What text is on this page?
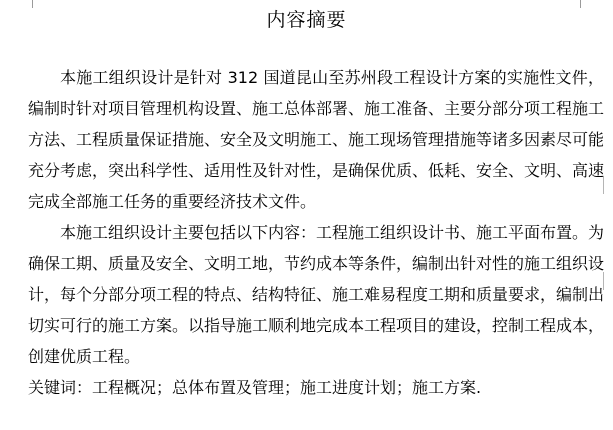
内容摘要

本施工组织设计是针对 312 国道昆山至苏州段工程设计方案的实施性文件，编制时针对项目管理机构设置、施工总体部署、施工准备、主要分部分项工程施工方法、工程质量保证措施、安全及文明施工、施工现场管理措施等诸多因素尽可能充分考虑，突出科学性、适用性及针对性，是确保优质、低耗、安全、文明、高速完成全部施工任务的重要经济技术文件。

本施工组织设计主要包括以下内容：工程施工组织设计书、施工平面布置。为确保工期、质量及安全、文明工地，节约成本等条件，编制出针对性的施工组织设计，每个分部分项工程的特点、结构特征、施工难易程度工期和质量要求，编制出切实可行的施工方案。以指导施工顺利地完成本工程项目的建设，控制工程成本，创建优质工程。

关键词：工程概况；总体布置及管理；施工进度计划；施工方案.
